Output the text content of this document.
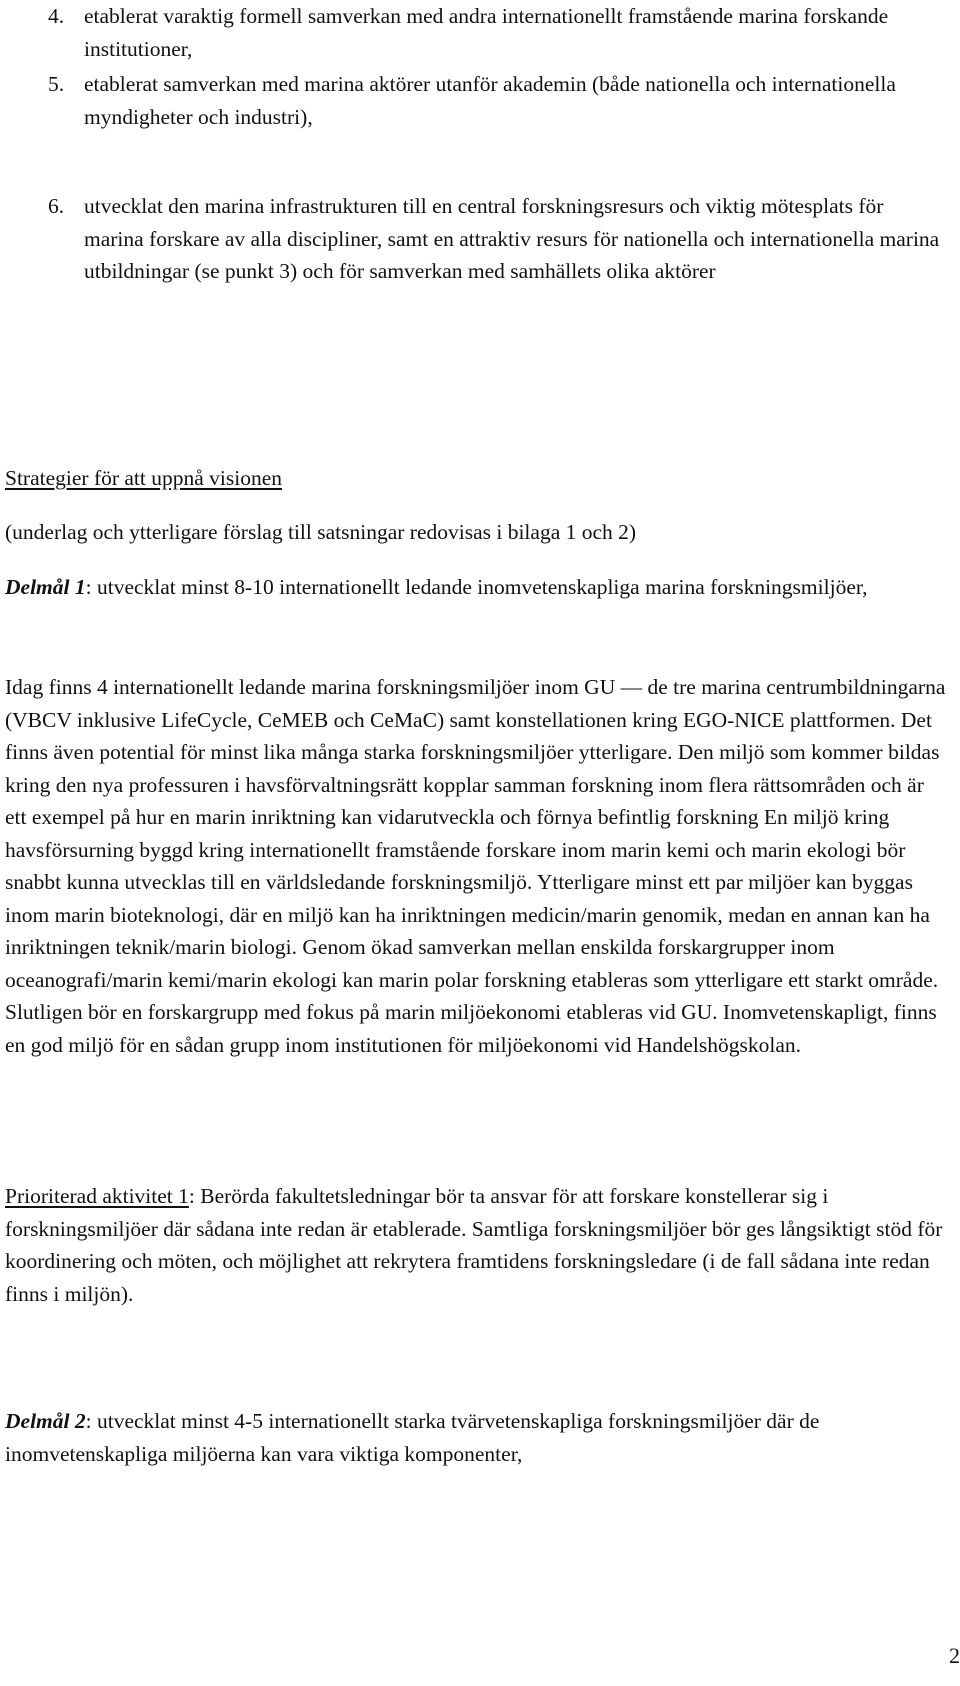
4. etablerat varaktig formell samverkan med andra internationellt framstående marina forskande institutioner,
5. etablerat samverkan med marina aktörer utanför akademin (både nationella och internationella myndigheter och industri),
6. utvecklat den marina infrastrukturen till en central forskningsresurs och viktig mötesplats för marina forskare av alla discipliner, samt en attraktiv resurs för nationella och internationella marina utbildningar (se punkt 3) och för samverkan med samhällets olika aktörer

Strategier för att uppnå visionen

(underlag och ytterligare förslag till satsningar redovisas i bilaga 1 och 2)

Delmål 1: utvecklat minst 8-10 internationellt ledande inomvetenskapliga marina forskningsmiljöer,

Idag finns 4 internationellt ledande marina forskningsmiljöer inom GU — de tre marina centrumbildningarna (VBCV inklusive LifeCycle, CeMEB och CeMaC) samt konstellationen kring EGO-NICE plattformen. Det finns även potential för minst lika många starka forskningsmiljöer ytterligare. Den miljö som kommer bildas kring den nya professuren i havsförvaltningsrätt kopplar samman forskning inom flera rättsområden och är ett exempel på hur en marin inriktning kan vidarutveckla och förnya befintlig forskning En miljö kring havsförsurning byggd kring internationellt framstående forskare inom marin kemi och marin ekologi bör snabbt kunna utvecklas till en världsledande forskningsmiljö. Ytterligare minst ett par miljöer kan byggas inom marin bioteknologi, där en miljö kan ha inriktningen medicin/marin genomik, medan en annan kan ha inriktningen teknik/marin biologi. Genom ökad samverkan mellan enskilda forskargrupper inom oceanografi/marin kemi/marin ekologi kan marin polar forskning etableras som ytterligare ett starkt område. Slutligen bör en forskargrupp med fokus på marin miljöekonomi etableras vid GU. Inomvetenskapligt, finns en god miljö för en sådan grupp inom institutionen för miljöekonomi vid Handelshögskolan.

Prioriterad aktivitet 1: Berörda fakultetsledningar bör ta ansvar för att forskare konstellerar sig i forskningsmiljöer där sådana inte redan är etablerade. Samtliga forskningsmiljöer bör ges långsiktigt stöd för koordinering och möten, och möjlighet att rekrytera framtidens forskningsledare (i de fall sådana inte redan finns i miljön).

Delmål 2: utvecklat minst 4-5 internationellt starka tvärvetenskapliga forskningsmiljöer där de inomvetenskapliga miljöerna kan vara viktiga komponenter,

2
